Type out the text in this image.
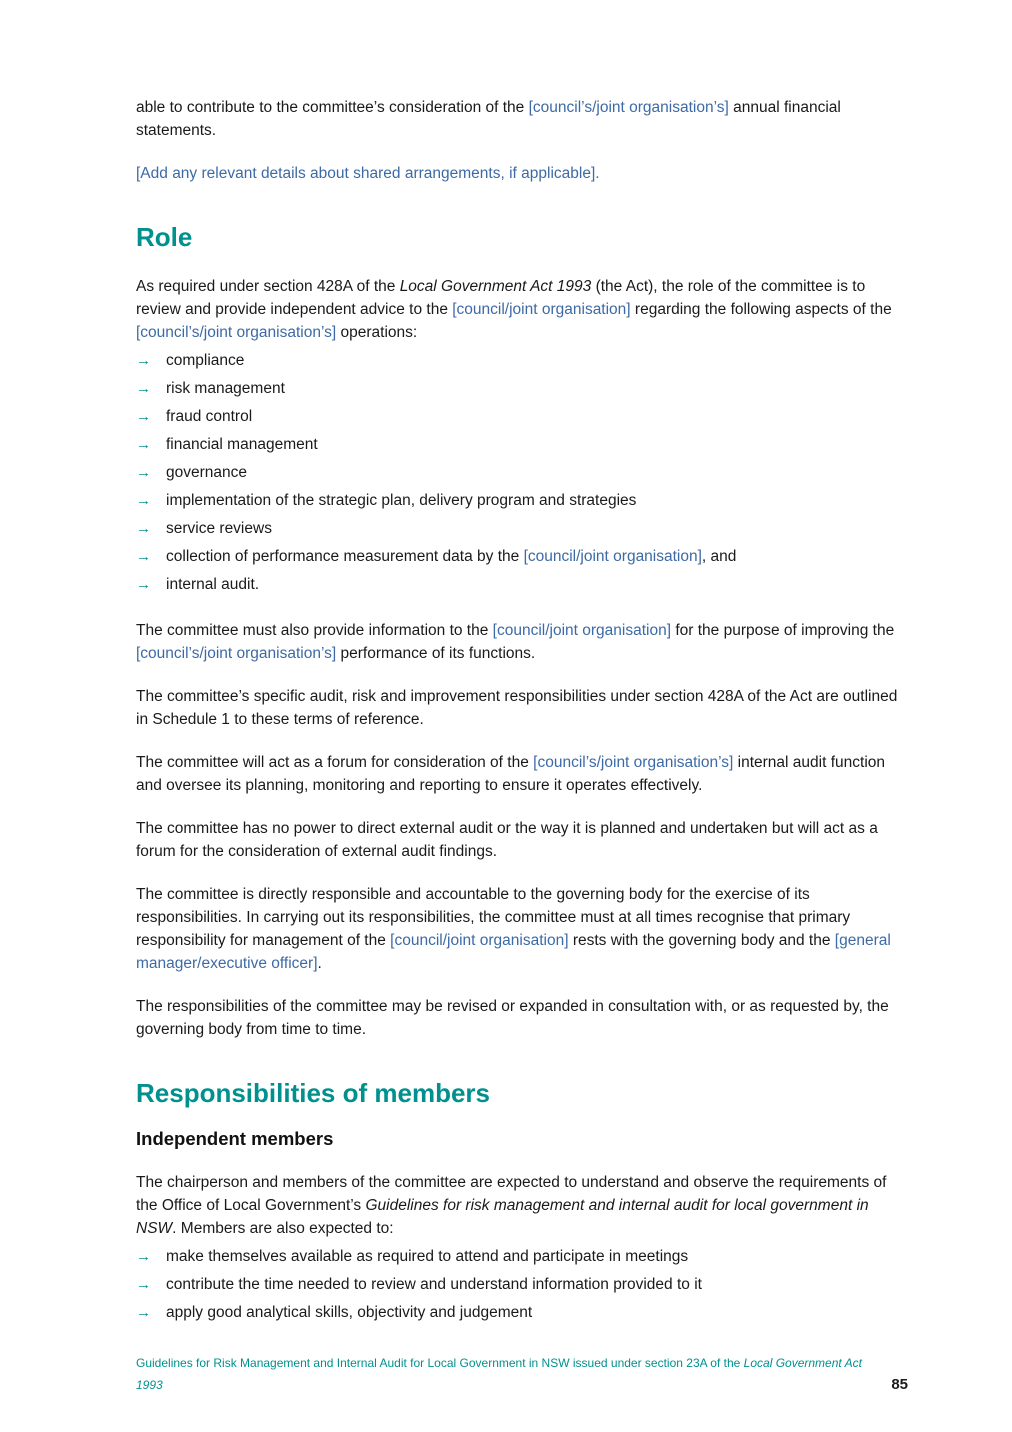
able to contribute to the committee’s consideration of the [council’s/joint organisation’s] annual financial statements.

[Add any relevant details about shared arrangements, if applicable].

Role

As required under section 428A of the Local Government Act 1993 (the Act), the role of the committee is to review and provide independent advice to the [council/joint organisation] regarding the following aspects of the [council’s/joint organisation’s] operations:

→ compliance
→ risk management
→ fraud control
→ financial management
→ governance
→ implementation of the strategic plan, delivery program and strategies
→ service reviews
→ collection of performance measurement data by the [council/joint organisation], and
→ internal audit.

The committee must also provide information to the [council/joint organisation] for the purpose of improving the [council’s/joint organisation’s] performance of its functions.

The committee’s specific audit, risk and improvement responsibilities under section 428A of the Act are outlined in Schedule 1 to these terms of reference.

The committee will act as a forum for consideration of the [council’s/joint organisation’s] internal audit function and oversee its planning, monitoring and reporting to ensure it operates effectively.

The committee has no power to direct external audit or the way it is planned and undertaken but will act as a forum for the consideration of external audit findings.

The committee is directly responsible and accountable to the governing body for the exercise of its responsibilities. In carrying out its responsibilities, the committee must at all times recognise that primary responsibility for management of the [council/joint organisation] rests with the governing body and the [general manager/executive officer].

The responsibilities of the committee may be revised or expanded in consultation with, or as requested by, the governing body from time to time.

Responsibilities of members
Independent members

The chairperson and members of the committee are expected to understand and observe the requirements of the Office of Local Government’s Guidelines for risk management and internal audit for local government in NSW. Members are also expected to:

→ make themselves available as required to attend and participate in meetings
→ contribute the time needed to review and understand information provided to it
→ apply good analytical skills, objectivity and judgement
Guidelines for Risk Management and Internal Audit for Local Government in NSW issued under section 23A of the Local Government Act 1993	85
